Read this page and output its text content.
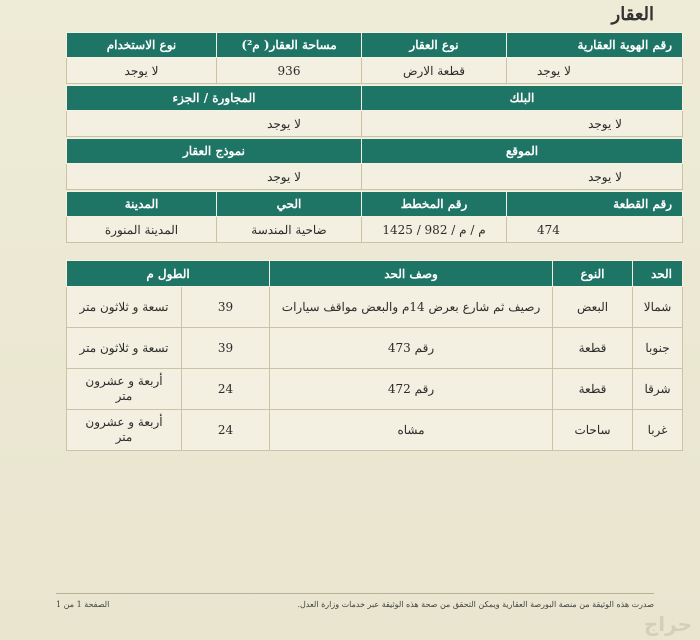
العقار
رقم الهوية العقارية	نوع العقار	مساحة العقار( م²)	نوع الاستخدام
لا يوجد	قطعة الارض	936	لا يوجد
البلك	المجاورة / الجزء
لا يوجد	لا يوجد
الموقع	نموذج العقار
لا يوجد	لا يوجد
رقم القطعة	رقم المخطط	الحي	المدينة
474	م / م / 982 / 1425	ضاحية المندسة	المدينة المنورة
الحد	النوع	وصف الحد	الطول م	
شمالا	البعض	رصيف ثم شارع بعرض 14م والبعض مواقف سيارات	39	تسعة و ثلاثون متر
جنوبا	قطعة	رقم 473	39	تسعة و ثلاثون متر
شرقا	قطعة	رقم 472	24	أربعة و عشرون متر
غربا	ساحات	مشاه	24	أربعة و عشرون متر
صدرت هذه الوثيقة من منصة البورصة العقارية ويمكن التحقق من صحة هذه الوثيقة عبر خدمات وزارة العدل.
الصفحة 1 من 1
حراج
